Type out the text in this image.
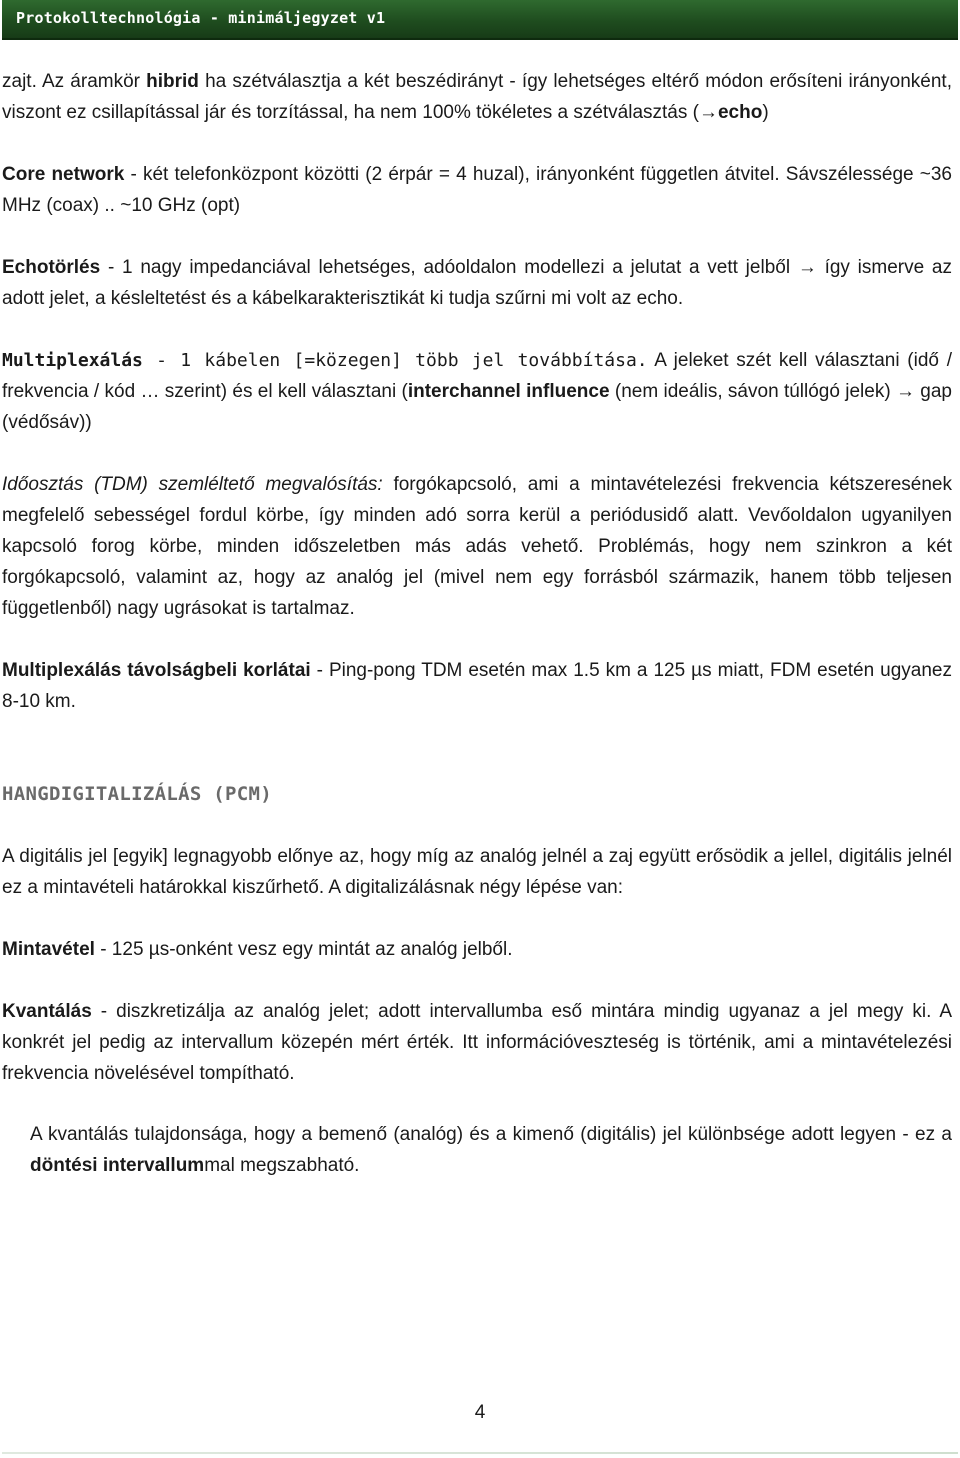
Protokolltechnológia - minimáljegyzet v1

zajt. Az áramkör hibrid ha szétválasztja a két beszédirányt - így lehetséges eltérő módon erősíteni irányonként, viszont ez csillapítással jár és torzítással, ha nem 100% tökéletes a szétválasztás (→echo)

Core network - két telefonközpont közötti (2 érpár = 4 huzal), irányonként független átvitel. Sávszélessége ~36 MHz (coax) .. ~10 GHz (opt)

Echotörlés - 1 nagy impedanciával lehetséges, adóoldalon modellezi a jelutat a vett jelből → így ismerve az adott jelet, a késleltetést és a kábelkarakterisztikát ki tudja szűrni mi volt az echo.

Multiplexálás - 1 kábelen [=közegen] több jel továbbítása. A jeleket szét kell választani (idő / frekvencia / kód … szerint) és el kell választani (interchannel influence (nem ideális, sávon túllógó jelek) → gap (védősáv))

Időosztás (TDM) szemléltető megvalósítás: forgókapcsoló, ami a mintavételezési frekvencia kétszeresének megfelelő sebességel fordul körbe, így minden adó sorra kerül a periódusidő alatt. Vevőoldalon ugyanilyen kapcsoló forog körbe, minden időszeletben más adás vehető. Problémás, hogy nem szinkron a két forgókapcsoló, valamint az, hogy az analóg jel (mivel nem egy forrásból származik, hanem több teljesen függetlenből) nagy ugrásokat is tartalmaz.

Multiplexálás távolságbeli korlátai - Ping-pong TDM esetén max 1.5 km a 125 µs miatt, FDM esetén ugyanez 8-10 km.

HANGDIGITALIZÁLÁS (PCM)

A digitális jel [egyik] legnagyobb előnye az, hogy míg az analóg jelnél a zaj együtt erősödik a jellel, digitális jelnél ez a mintavételi határokkal kiszűrhető. A digitalizálásnak négy lépése van:

Mintavétel - 125 µs-onként vesz egy mintát az analóg jelből.

Kvantálás - diszkretizálja az analóg jelet; adott intervallumba eső mintára mindig ugyanaz a jel megy ki. A konkrét jel pedig az intervallum közepén mért érték. Itt információveszteség is történik, ami a mintavételezési frekvencia növelésével tompítható.

A kvantálás tulajdonsága, hogy a bemenő (analóg) és a kimenő (digitális) jel különbsége adott legyen - ez a döntési intervallummal megszabható.

4
